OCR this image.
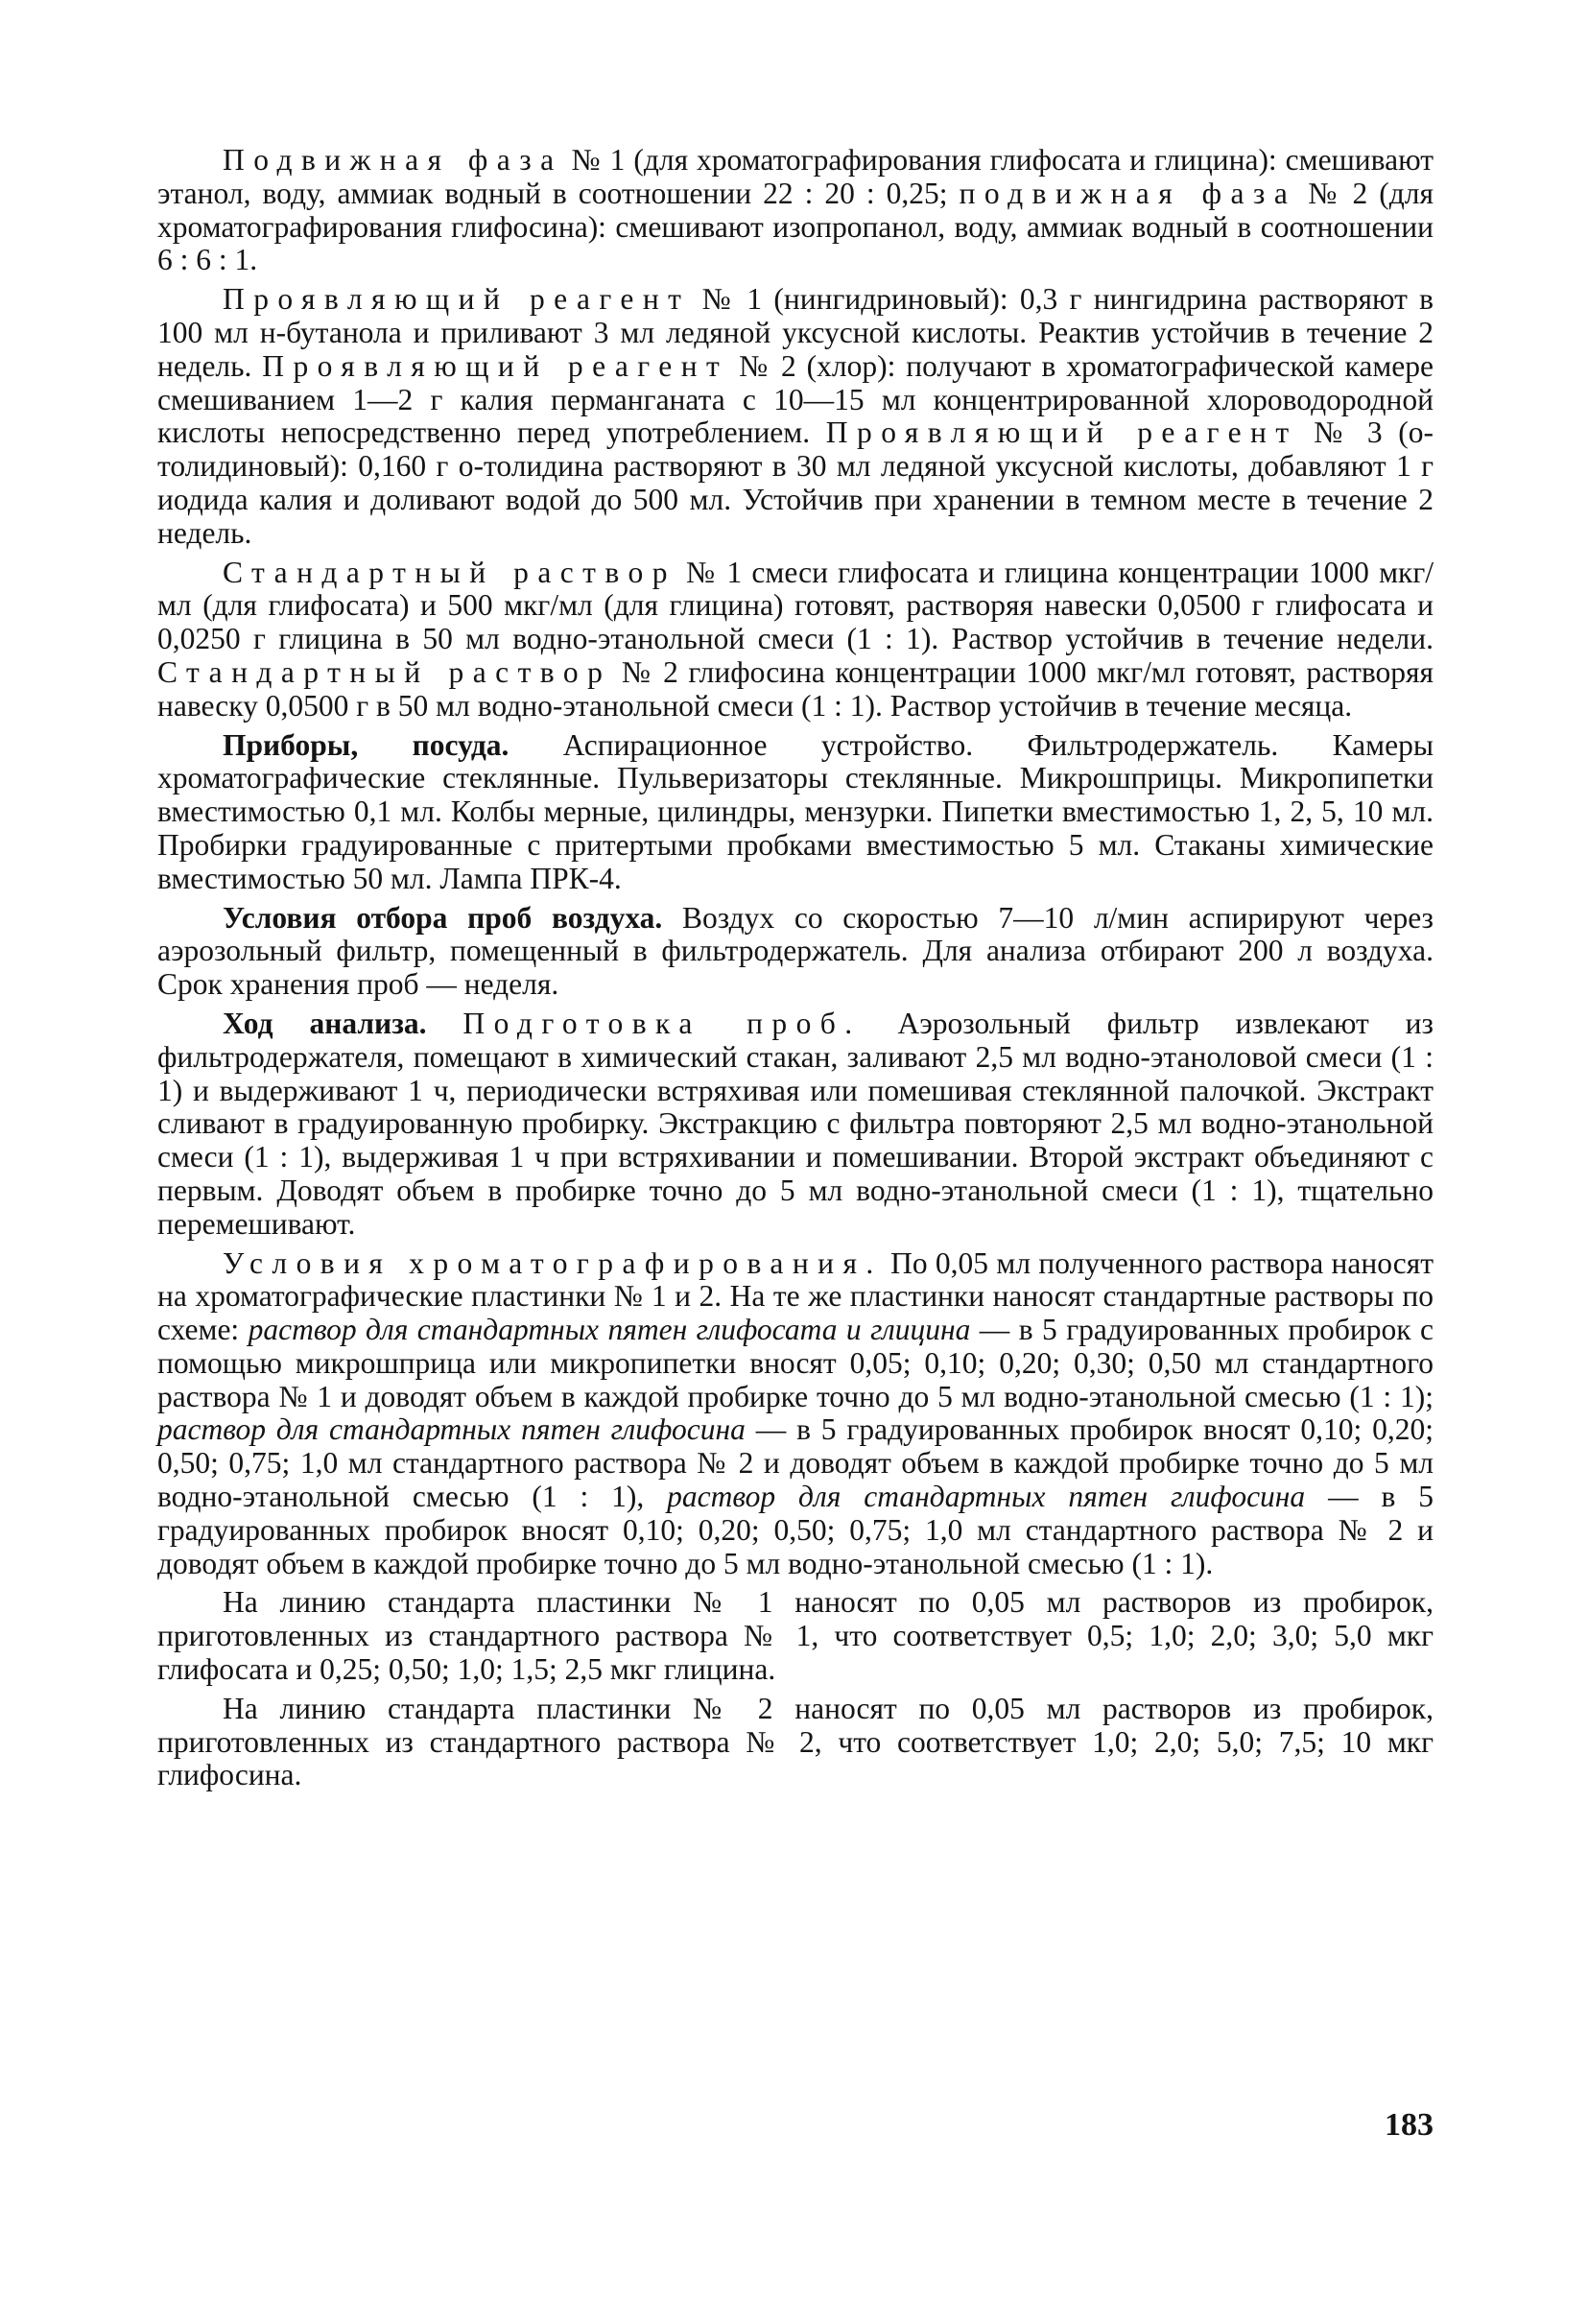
Подвижная фаза № 1 (для хроматографирования глифосата и глицина): смешивают этанол, воду, аммиак водный в соотношении 22 : 20 : 0,25; подвижная фаза № 2 (для хроматографирования глифосина): смешивают изопропанол, воду, аммиак водный в соотношении 6 : 6 : 1.

Проявляющий реагент № 1 (нингидриновый): 0,3 г нингидрина растворяют в 100 мл н-бутанола и приливают 3 мл ледяной уксусной кислоты. Реактив устойчив в течение 2 недель. Проявляющий реагент № 2 (хлор): получают в хроматографической камере смешиванием 1—2 г калия перманганата с 10—15 мл концентрированной хлороводородной кислоты непосредственно перед употреблением. Проявляющий реагент № 3 (о-толидиновый): 0,160 г о-толидина растворяют в 30 мл ледяной уксусной кислоты, добавляют 1 г иодида калия и доливают водой до 500 мл. Устойчив при хранении в темном месте в течение 2 недель.

Стандартный раствор № 1 смеси глифосата и глицина концентрации 1000 мкг/мл (для глифосата) и 500 мкг/мл (для глицина) готовят, растворяя навески 0,0500 г глифосата и 0,0250 г глицина в 50 мл водно-этанольной смеси (1 : 1). Раствор устойчив в течение недели. Стандартный раствор № 2 глифосина концентрации 1000 мкг/мл готовят, растворяя навеску 0,0500 г в 50 мл водно-этанольной смеси (1 : 1). Раствор устойчив в течение месяца.

Приборы, посуда. Аспирационное устройство. Фильтродержатель. Камеры хроматографические стеклянные. Пульверизаторы стеклянные. Микрошприцы. Микропипетки вместимостью 0,1 мл. Колбы мерные, цилиндры, мензурки. Пипетки вместимостью 1, 2, 5, 10 мл. Пробирки градуированные с притертыми пробками вместимостью 5 мл. Стаканы химические вместимостью 50 мл. Лампа ПРК-4.

Условия отбора проб воздуха. Воздух со скоростью 7—10 л/мин аспирируют через аэрозольный фильтр, помещенный в фильтродержатель. Для анализа отбирают 200 л воздуха. Срок хранения проб — неделя.

Ход анализа. Подготовка проб. Аэрозольный фильтр извлекают из фильтродержателя, помещают в химический стакан, заливают 2,5 мл водно-этаноловой смеси (1 : 1) и выдерживают 1 ч, периодически встряхивая или помешивая стеклянной палочкой. Экстракт сливают в градуированную пробирку. Экстракцию с фильтра повторяют 2,5 мл водно-этанольной смеси (1 : 1), выдерживая 1 ч при встряхивании и помешивании. Второй экстракт объединяют с первым. Доводят объем в пробирке точно до 5 мл водно-этанольной смеси (1 : 1), тщательно перемешивают.

Условия хроматографирования. По 0,05 мл полученного раствора наносят на хроматографические пластинки № 1 и 2. На те же пластинки наносят стандартные растворы по схеме: раствор для стандартных пятен глифосата и глицина — в 5 градуированных пробирок с помощью микрошприца или микропипетки вносят 0,05; 0,10; 0,20; 0,30; 0,50 мл стандартного раствора № 1 и доводят объем в каждой пробирке точно до 5 мл водно-этанольной смесью (1 : 1); раствор для стандартных пятен глифосина — в 5 градуированных пробирок вносят 0,10; 0,20; 0,50; 0,75; 1,0 мл стандартного раствора № 2 и доводят объем в каждой пробирке точно до 5 мл водно-этанольной смесью (1 : 1), раствор для стандартных пятен глифосина — в 5 градуированных пробирок вносят 0,10; 0,20; 0,50; 0,75; 1,0 мл стандартного раствора № 2 и доводят объем в каждой пробирке точно до 5 мл водно-этанольной смесью (1 : 1).

На линию стандарта пластинки № 1 наносят по 0,05 мл растворов из пробирок, приготовленных из стандартного раствора № 1, что соответствует 0,5; 1,0; 2,0; 3,0; 5,0 мкг глифосата и 0,25; 0,50; 1,0; 1,5; 2,5 мкг глицина.

На линию стандарта пластинки № 2 наносят по 0,05 мл растворов из пробирок, приготовленных из стандартного раствора № 2, что соответствует 1,0; 2,0; 5,0; 7,5; 10 мкг глифосина.

183
